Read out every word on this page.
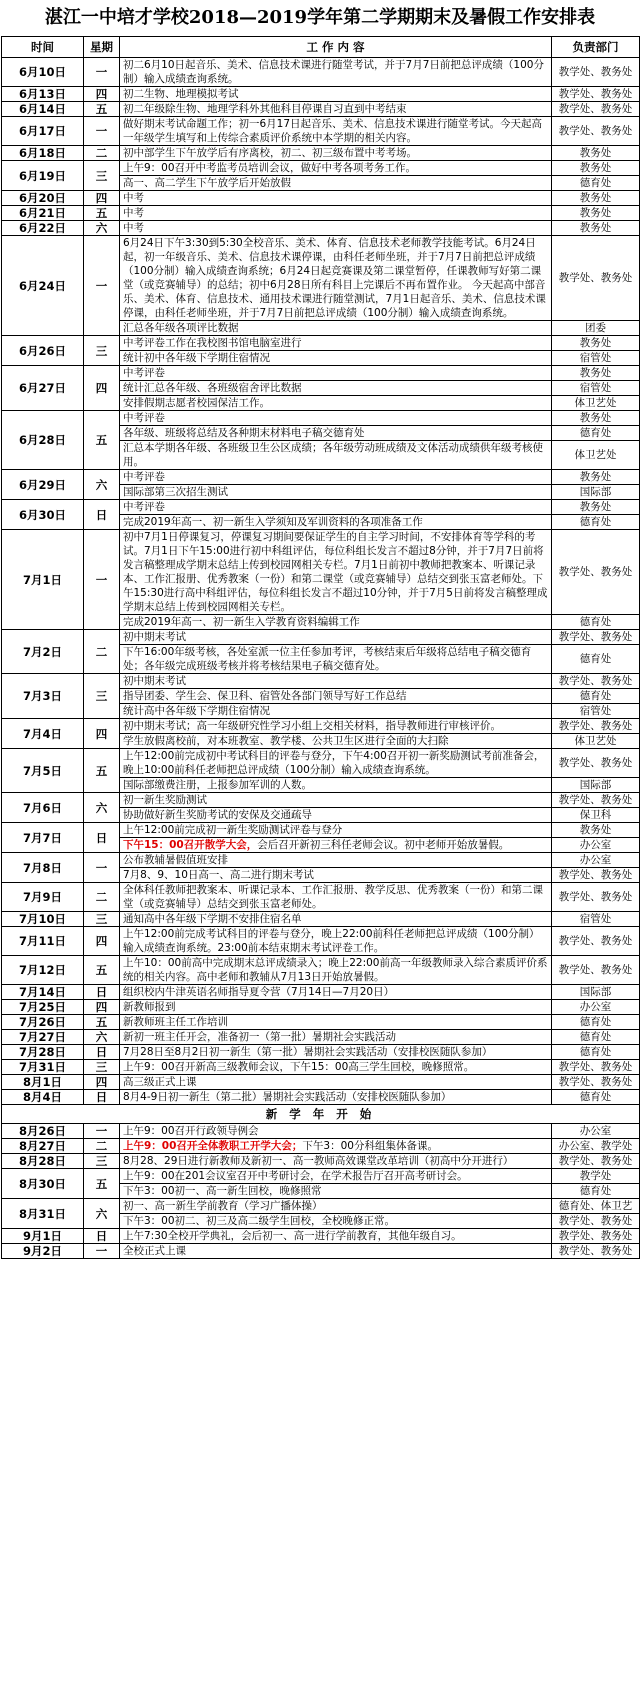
湛江一中培才学校2018—2019学年第二学期期末及暑假工作安排表
时间	星期	工 作 内 容	负责部门
6月10日	一	初二6月10日起音乐、美术、信息技术课进行随堂考试，并于7月7日前把总评成绩（100分制）输入成绩查询系统。	教学处、教务处
6月13日	四	初二生物、地理模拟考试	教学处、教务处
6月14日	五	初二年级除生物、地理学科外其他科目停课自习直到中考结束	教学处、教务处
6月17日	一	做好期末考试命题工作；初一6月17日起音乐、美术、信息技术课进行随堂考试。今天起高一年级学生填写和上传综合素质评价系统中本学期的相关内容。	教学处、教务处
6月18日	二	初中部学生下午放学后有序离校，初二、初三级布置中考考场。	教务处
6月19日	三	上午9：00召开中考监考员培训会议，做好中考各项考务工作。	教务处
		高一、高二学生下午放学后开始放假	德育处
6月20日	四	中考	教务处
6月21日	五	中考	教务处
6月22日	六	中考	教务处
6月24日	一	6月24日下午3:30到5:30全校音乐、美术、体育、信息技术老师教学技能考试。6月24日起，初一年级音乐、美术、信息技术课停课，由科任老师坐班，并于7月7日前把总评成绩（100分制）输入成绩查询系统；6月24日起竞赛课及第二课堂暂停，任课教师写好第二课堂（或竞赛辅导）的总结；初中6月28日所有科目上完课后不再布置作业。 今天起高中部音乐、美术、体育、信息技术、通用技术课进行随堂测试，7月1日起音乐、美术、信息技术课停课，由科任老师坐班，并于7月7日前把总评成绩（100分制）输入成绩查询系统。	教学处、教务处
		汇总各年级各项评比数据	团委
6月26日	三	中考评卷工作在我校图书馆电脑室进行	教务处
		统计初中各年级下学期住宿情况	宿管处
6月27日	四	中考评卷	教务处
		统计汇总各年级、各班级宿舍评比数据	宿管处
		安排假期志愿者校园保洁工作。	体卫艺处
6月28日	五	中考评卷	教务处
		各年级、班级将总结及各种期末材料电子稿交德育处	德育处
		汇总本学期各年级、各班级卫生公区成绩；各年级劳动班成绩及文体活动成绩供年级考核使用。	体卫艺处
6月29日	六	中考评卷	教务处
		国际部第三次招生测试	国际部
6月30日	日	中考评卷	教务处
		完成2019年高一、初一新生入学须知及军训资料的各项准备工作	德育处
7月1日	一	初中7月1日停课复习，停课复习期间要保证学生的自主学习时间，不安排体育等学科的考试。7月1日下午15:00进行初中科组评估，每位科组长发言不超过8分钟，并于7月7日前将发言稿整理成学期末总结上传到校园网相关专栏。7月1日前初中教师把教案本、听课记录本、工作汇报册、优秀教案（一份）和第二课堂（或竞赛辅导）总结交到张玉富老师处。下午15:30进行高中科组评估，每位科组长发言不超过10分钟，并于7月5日前将发言稿整理成学期末总结上传到校园网相关专栏。	教学处、教务处
		完成2019年高一、初一新生入学教育资料编辑工作	德育处
7月2日	二	初中期末考试	教学处、教务处
		下午16:00年级考核，各处室派一位主任参加考评，考核结束后年级将总结电子稿交德育处；各年级完成班级考核并将考核结果电子稿交德育处。	德育处
7月3日	三	初中期末考试	教学处、教务处
		指导团委、学生会、保卫科、宿管处各部门领导写好工作总结	德育处
		统计高中各年级下学期住宿情况	宿管处
7月4日	四	初中期末考试；高一年级研究性学习小组上交相关材料，指导教师进行审核评价。	教学处、教务处
		学生放假离校前，对本班教室、教学楼、公共卫生区进行全面的大扫除	体卫艺处
7月5日	五	上午12:00前完成初中考试科目的评卷与登分，下午4:00召开初一新奖励测试考前准备会，晚上10:00前科任老师把总评成绩（100分制）输入成绩查询系统。	教学处、教务处
		国际部缴费注册，上报参加军训的人数。	国际部
7月6日	六	初一新生奖励测试	教学处、教务处
		协助做好新生奖励考试的安保及交通疏导	保卫科
7月7日	日	上午12:00前完成初一新生奖励测试评卷与登分	教务处
		下午15：00召开散学大会，会后召开新初三科任老师会议。初中老师开始放暑假。	办公室
7月8日	一	公布教辅暑假值班安排	办公室
		7月8、9、10日高一、高二进行期末考试	教学处、教务处
7月9日	二	全体科任教师把教案本、听课记录本、工作汇报册、教学反思、优秀教案（一份）和第二课堂（或竞赛辅导）总结交到张玉富老师处。	教学处、教务处
7月10日	三	通知高中各年级下学期不安排住宿名单	宿管处
7月11日	四	上午12:00前完成考试科目的评卷与登分，晚上22:00前科任老师把总评成绩（100分制）输入成绩查询系统。23:00前本结束期末考试评卷工作。	教学处、教务处
7月12日	五	上午10：00前高中完成期末总评成绩录入；晚上22:00前高一年级教师录入综合素质评价系统的相关内容。高中老师和教辅从7月13日开始放暑假。	教学处、教务处
7月14日	日	组织校内牛津英语名师指导夏令营（7月14日—7月20日）	国际部
7月25日	四	新教师报到	办公室
7月26日	五	新教师班主任工作培训	德育处
7月27日	六	新初一班主任开会，准备初一（第一批）暑期社会实践活动	德育处
7月28日	日	7月28日至8月2日初一新生（第一批）暑期社会实践活动（安排校医随队参加）	德育处
7月31日	三	上午9：00召开新高三级教师会议，下午15：00高三学生回校，晚修照常。	教学处、教务处
8月1日	四	高三级正式上课	教学处、教务处
8月4日	日	8月4-9日初一新生（第二批）暑期社会实践活动（安排校医随队参加）	德育处
新 学 年 开 始			
8月26日	一	上午9：00召开行政领导例会	办公室
8月27日	二	上午9：00召开全体教职工开学大会；下午3：00分科组集体备课。	办公室、教学处
8月28日	三	8月28、29日进行新教师及新初一、高一教师高效课堂改革培训（初高中分开进行）	教学处、教务处
8月30日	五	上午9：00在201会议室召开中考研讨会，在学术报告厅召开高考研讨会。	教学处
		下午3：00初一、高一新生回校，晚修照常	德育处
8月31日	六	初一、高一新生学前教育（学习广播体操）	德育处、体卫艺
		下午3：00初二、初三及高二级学生回校，全校晚修正常。	教学处、教务处
9月1日	日	上午7:30全校开学典礼，会后初一、高一进行学前教育，其他年级自习。	教学处、教务处
9月2日	一	全校正式上课	教学处、教务处
